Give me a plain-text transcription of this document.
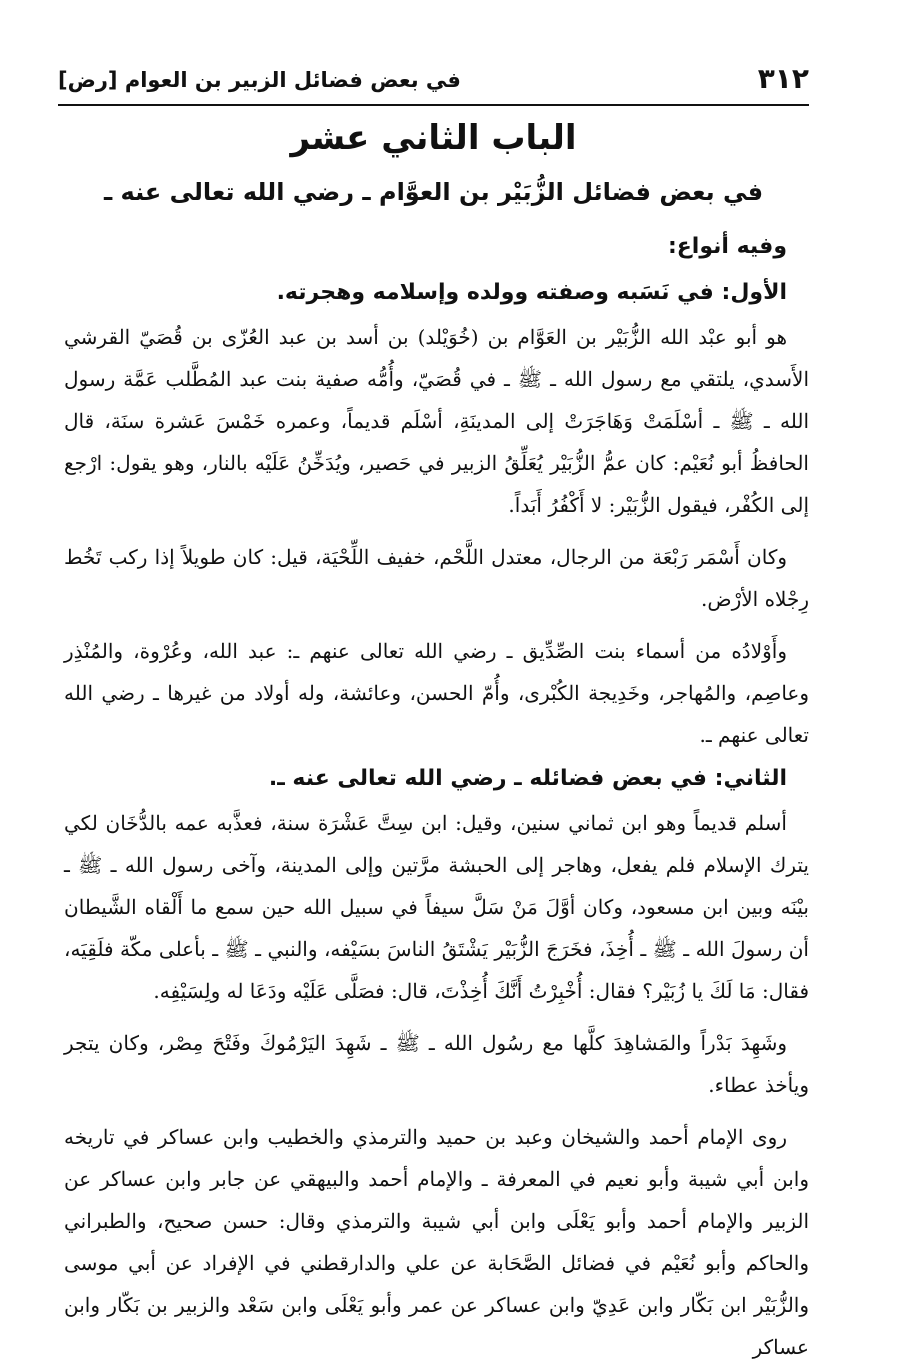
٣١٢
في بعض فضائل الزبير بن العوام [رض]
الباب الثاني عشر
في بعض فضائل الزُّبَيْر بن العوَّام ـ رضي الله تعالى عنه ـ
وفيه أنواع:
الأول: في نَسَبه وصفته وولده وإسلامه وهجرته.

هو أبو عبْد الله الزُّبَيْر بن العَوَّام بن (خُوَيْلد) بن أسد بن عبد العُزّى بن قُصَيّ القرشي الأَسدي، يلتقي مع رسول الله ـ ﷺ ـ في قُصَيّ، وأُمُّه صفية بنت عبد المُطَّلب عَمَّة رسول الله ـ ﷺ ـ أسْلَمَتْ وَهَاجَرَتْ إلى المدينَةِ، أسْلَم قديماً، وعمره خَمْسَ عَشرة سنَة، قال الحافظُ أبو نُعَيْم: كان عمُّ الزُّبَيْر يُعَلِّقُ الزبير في حَصير، ويُدَخِّنُ عَلَيْه بالنار، وهو يقول: ارْجع إلى الكُفْر، فيقول الزُّبَيْر: لا أَكْفُرُ أَبَداً.

وكان أَسْمَر رَبْعَة من الرجال، معتدل اللَّحْم، خفيف اللِّحْيَة، قيل: كان طويلاً إذا ركب تَخُط رِجْلاه الأرْض.

وأَوْلادُه من أسماء بنت الصِّدِّيق ـ رضي الله تعالى عنهم ـ: عبد الله، وعُرْوة، والمُنْذِر وعاصِم، والمُهاجر، وخَدِيجة الكُبْرى، وأُمّ الحسن، وعائشة، وله أولاد من غيرها ـ رضي الله تعالى عنهم ـ.

الثاني: في بعض فضائله ـ رضي الله تعالى عنه ـ.

أسلم قديماً وهو ابن ثماني سنين، وقيل: ابن سِتَّ عَشْرَة سنة، فعذَّبه عمه بالدُّخَان لكي يترك الإسلام فلم يفعل، وهاجر إلى الحبشة مرَّتين وإلى المدينة، وآخى رسول الله ـ ﷺ ـ بيْنَه وبين ابن مسعود، وكان أوَّلَ مَنْ سَلَّ سيفاً في سبيل الله حين سمع ما أَلْقاه الشَّيطان أن رسولَ الله ـ ﷺ ـ أُخِذَ، فخَرَجَ الزُّبَيْر يَشْتَقُ الناسَ بسَيْفه، والنبي ـ ﷺ ـ بأعلى مكّة فلَقِيَه، فقال: مَا لَكَ يا زُبَيْر؟ فقال: أُخْبِرْتُ أَنَّكَ أُخِذْتَ، قال: فصَلَّى عَلَيْه ودَعَا له ولِسَيْفِه.

وشَهِدَ بَدْراً والمَشاهِدَ كلَّها مع رسُول الله ـ ﷺ ـ شَهِدَ اليَرْمُوكَ وفَتْحَ مِصْر، وكان يتجر ويأخذ عطاء.

روى الإمام أحمد والشيخان وعبد بن حميد والترمذي والخطيب وابن عساكر في تاريخه وابن أبي شيبة وأبو نعيم في المعرفة ـ والإمام أحمد والبيهقي عن جابر وابن عساكر عن الزبير والإمام أحمد وأبو يَعْلَى وابن أبي شيبة والترمذي وقال: حسن صحيح، والطبراني والحاكم وأبو نُعَيْم في فضائل الصَّحَابة عن علي والدارقطني في الإفراد عن أبي موسى والزُّبَيْر ابن بَكّار وابن عَدِيّ وابن عساكر عن عمر وأبو يَعْلَى وابن سَعْد والزبير بن بَكّار وابن عساكر
